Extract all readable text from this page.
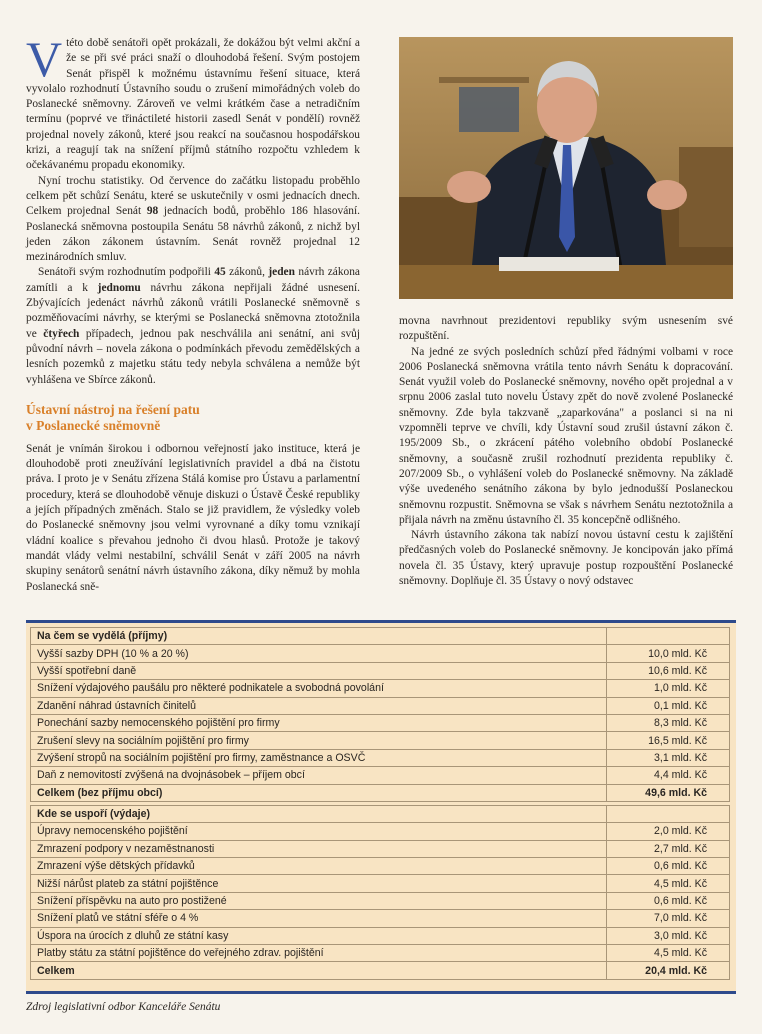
Vtéto době senátoři opět prokázali, že dokážou být velmi akční a že se při své práci snaží o dlouhodobá řešení. Svým postojem Senát přispěl k možnému ústavnímu řešení situace, která vyvolalo rozhodnutí Ústavního soudu o zrušení mimořádných voleb do Poslanecké sněmovny. Zároveň ve velmi krátkém čase a netradičním termínu (poprvé ve třináctileté historii zasedl Senát v pondělí) rovněž projednal novely zákonů, které jsou reakcí na současnou hospodářskou krizi, a reagují tak na snížení příjmů státního rozpočtu vzhledem k očekávanému propadu ekonomiky.

Nyní trochu statistiky. Od července do začátku listopadu proběhlo celkem pět schůzí Senátu, které se uskutečnily v osmi jednacích dnech. Celkem projednal Senát 98 jednacích bodů, proběhlo 186 hlasování. Poslanecká sněmovna postoupila Senátu 58 návrhů zákonů, z nichž byl jeden zákon zákonem ústavním. Senát rovněž projednal 12 mezinárodních smluv.

Senátoři svým rozhodnutím podpořili 45 zákonů, jeden návrh zákona zamítli a k jednomu návrhu zákona nepřijali žádné usnesení. Zbývajících jedenáct návrhů zákonů vrátili Poslanecké sněmovně s pozměňovacími návrhy, se kterými se Poslanecká sněmovna ztotožnila ve čtyřech případech, jednou pak neschválila ani senátní, ani svůj původní návrh – novela zákona o podmínkách převodu zemědělských a lesních pozemků z majetku státu tedy nebyla schválena a nemůže být vyhlášena ve Sbírce zákonů.

Ústavní nástroj na řešení patu
v Poslanecké sněmovně

Senát je vnímán širokou i odbornou veřejností jako instituce, která je dlouhodobě proti zneužívání legislativních pravidel a dbá na čistotu práva. I proto je v Senátu zřízena Stálá komise pro Ústavu a parlamentní procedury, která se dlouhodobě věnuje diskuzi o Ústavě České republiky a jejích případných změnách. Stalo se již pravidlem, že výsledky voleb do Poslanecké sněmovny jsou velmi vyrovnané a díky tomu vznikají vládní koalice s převahou jednoho či dvou hlasů. Protože je takový mandát vlády velmi nestabilní, schválil Senát v září 2005 na návrh skupiny senátorů senátní návrh ústavního zákona, díky němuž by mohla Poslanecká sně-

movna navrhnout prezidentovi republiky svým usnesením své rozpuštění.

Na jedné ze svých posledních schůzí před řádnými volbami v roce 2006 Poslanecká sněmovna vrátila tento návrh Senátu k dopracování. Senát využil voleb do Poslanecké sněmovny, nového opět projednal a v srpnu 2006 zaslal tuto novelu Ústavy zpět do nově zvolené Poslanecké sněmovny. Zde byla takzvaně „zaparkována" a poslanci si na ni vzpomněli teprve ve chvíli, kdy Ústavní soud zrušil ústavní zákon č. 195/2009 Sb., o zkrácení pátého volebního období Poslanecké sněmovny, a současně zrušil rozhodnutí prezidenta republiky č. 207/2009 Sb., o vyhlášení voleb do Poslanecké sněmovny. Na základě výše uvedeného senátního zákona by bylo jednodušší Poslaneckou sněmovnu rozpustit. Sněmovna se však s návrhem Senátu neztotožnila a přijala návrh na změnu ústavního čl. 35 koncepčně odlišného.

Návrh ústavního zákona tak nabízí novou ústavní cestu k zajištění předčasných voleb do Poslanecké sněmovny. Je koncipován jako přímá novela čl. 35 Ústavy, který upravuje postup rozpouštění Poslanecké sněmovny. Doplňuje čl. 35 Ústavy o nový odstavec

Na čem se vydělá (příjmy)	
Vyšší sazby DPH (10 % a 20 %)	10,0 mld. Kč
Vyšší spotřební daně	10,6 mld. Kč
Snížení výdajového paušálu pro některé podnikatele a svobodná povolání	1,0 mld. Kč
Zdanění náhrad ústavních činitelů	0,1 mld. Kč
Ponechání sazby nemocenského pojištění pro firmy	8,3 mld. Kč
Zrušení slevy na sociálním pojištění pro firmy	16,5 mld. Kč
Zvýšení stropů na sociálním pojištění pro firmy, zaměstnance a OSVČ	3,1 mld. Kč
Daň z nemovitostí zvýšená na dvojnásobek – příjem obcí	4,4 mld. Kč
Celkem (bez příjmu obcí)	49,6 mld. Kč

Kde se uspoří (výdaje)	
Úpravy nemocenského pojištění	2,0 mld. Kč
Zmrazení podpory v nezaměstnanosti	2,7 mld. Kč
Zmrazení výše dětských přídavků	0,6 mld. Kč
Nižší nárůst plateb za státní pojištěnce	4,5 mld. Kč
Snížení příspěvku na auto pro postižené	0,6 mld. Kč
Snížení platů ve státní sféře o 4 %	7,0 mld. Kč
Úspora na úrocích z dluhů ze státní kasy	3,0 mld. Kč
Platby státu za státní pojištěnce do veřejného zdrav. pojištění	4,5 mld. Kč
Celkem	20,4 mld. Kč
Zdroj legislativní odbor Kanceláře Senátu
